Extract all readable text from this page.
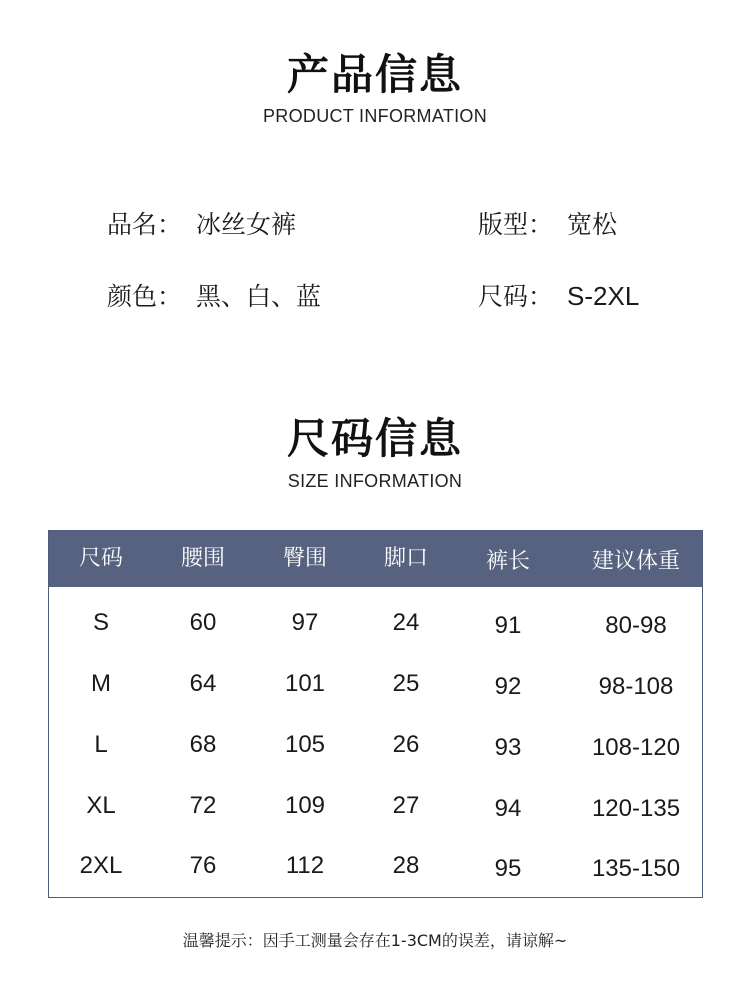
产品信息
PRODUCT INFORMATION
品名： 冰丝女裤	版型： 宽松
颜色： 黑、白、蓝	尺码： S-2XL
尺码信息
SIZE INFORMATION
尺码	腰围	臀围	脚口	裤长	建议体重
S	60	97	24	91	80-98
M	64	101	25	92	98-108
L	68	105	26	93	108-120
XL	72	109	27	94	120-135
2XL	76	112	28	95	135-150
温馨提示：因手工测量会存在1-3CM的误差，请谅解~
